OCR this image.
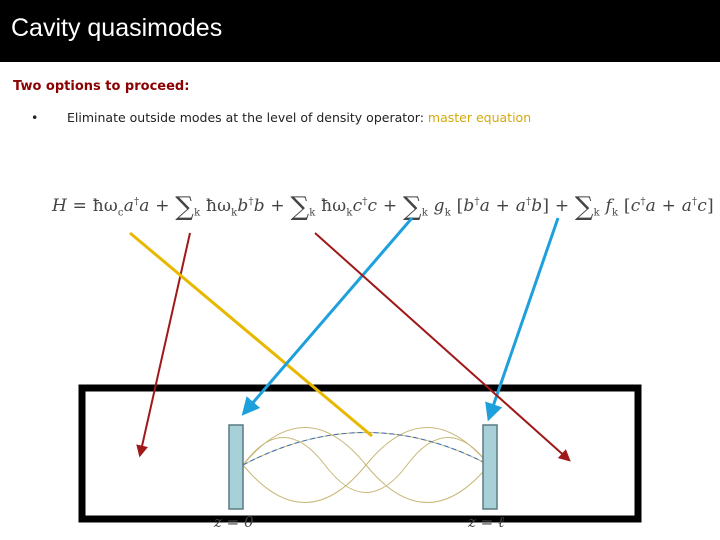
Cavity quasimodes
Two options to proceed:
• Eliminate outside modes at the level of density operator: master equation
$H = ħ\omega_ca^\dagger a + \sum_k$ $ħ\omega_kb^\dagger b + \sum_k$ $ħ\omega_kc^\dagger c + \sum_k$ $g_k$ $[b^\dagger a + a^\dagger b] + \sum_k$ $f_k$ [c†a + a†c]
z = 0	z = ℓ
